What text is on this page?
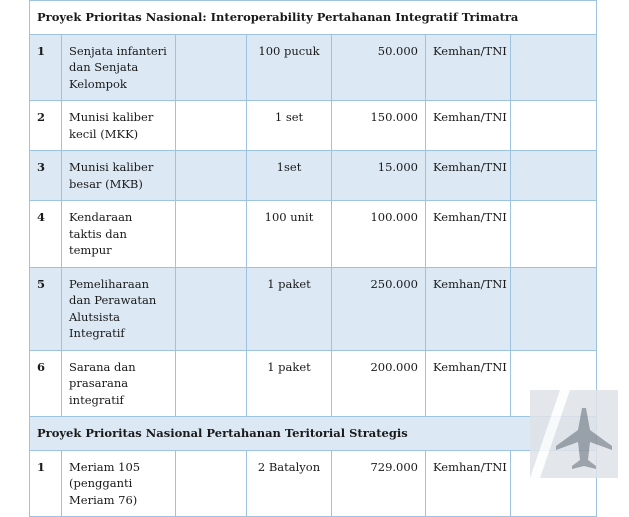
Proyek Prioritas Nasional: Interoperability Pertahanan Integratif Trimatra						
1	Senjata infanteri dan Senjata Kelompok		100 pucuk	50.000	Kemhan/TNI	
2	Munisi kaliber kecil (MKK)		1 set	150.000	Kemhan/TNI	
3	Munisi kaliber besar (MKB)		1set	15.000	Kemhan/TNI	
4	Kendaraan taktis dan tempur		100 unit	100.000	Kemhan/TNI	
5	Pemeliharaan dan Perawatan Alutsista Integratif		1 paket	250.000	Kemhan/TNI	
6	Sarana dan prasarana integratif		1 paket	200.000	Kemhan/TNI	
Proyek Prioritas Nasional Pertahanan Teritorial Strategis						
1	Meriam 105 (pengganti Meriam 76)		2 Batalyon	729.000	Kemhan/TNI	
